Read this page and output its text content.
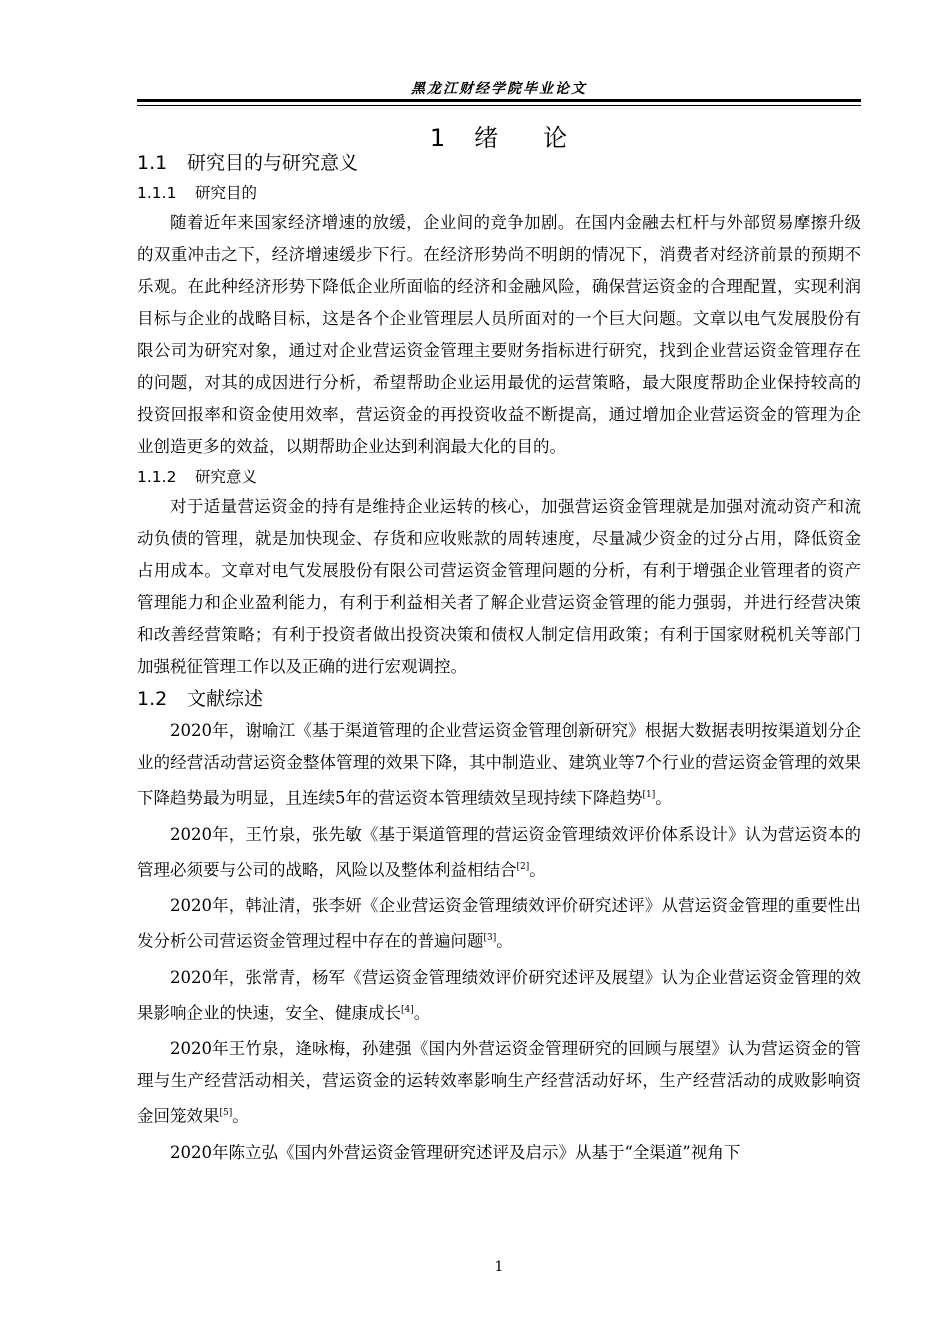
黑龙江财经学院毕业论文
1 绪 论
1.1 研究目的与研究意义
1.1.1 研究目的

随着近年来国家经济增速的放缓，企业间的竞争加剧。在国内金融去杠杆与外部贸易摩擦升级的双重冲击之下，经济增速缓步下行。在经济形势尚不明朗的情况下，消费者对经济前景的预期不乐观。在此种经济形势下降低企业所面临的经济和金融风险，确保营运资金的合理配置，实现利润目标与企业的战略目标，这是各个企业管理层人员所面对的一个巨大问题。文章以电气发展股份有限公司为研究对象，通过对企业营运资金管理主要财务指标进行研究，找到企业营运资金管理存在的问题，对其的成因进行分析，希望帮助企业运用最优的运营策略，最大限度帮助企业保持较高的投资回报率和资金使用效率，营运资金的再投资收益不断提高，通过增加企业营运资金的管理为企业创造更多的效益，以期帮助企业达到利润最大化的目的。

1.1.2 研究意义

对于适量营运资金的持有是维持企业运转的核心，加强营运资金管理就是加强对流动资产和流动负债的管理，就是加快现金、存货和应收账款的周转速度，尽量减少资金的过分占用，降低资金占用成本。文章对电气发展股份有限公司营运资金管理问题的分析，有利于增强企业管理者的资产管理能力和企业盈利能力，有利于利益相关者了解企业营运资金管理的能力强弱，并进行经营决策和改善经营策略；有利于投资者做出投资决策和债权人制定信用政策；有利于国家财税机关等部门加强税征管理工作以及正确的进行宏观调控。

1.2 文献综述

2020年，谢喻江《基于渠道管理的企业营运资金管理创新研究》根据大数据表明按渠道划分企业的经营活动营运资金整体管理的效果下降，其中制造业、建筑业等7个行业的营运资金管理的效果下降趋势最为明显，且连续5年的营运资本管理绩效呈现持续下降趋势[1]。

2020年，王竹泉，张先敏《基于渠道管理的营运资金管理绩效评价体系设计》认为营运资本的管理必须要与公司的战略，风险以及整体利益相结合[2]。

2020年，韩沚清，张李妍《企业营运资金管理绩效评价研究述评》从营运资金管理的重要性出发分析公司营运资金管理过程中存在的普遍问题[3]。

2020年，张常青，杨军《营运资金管理绩效评价研究述评及展望》认为企业营运资金管理的效果影响企业的快速，安全、健康成长[4]。

2020年王竹泉，逄咏梅，孙建强《国内外营运资金管理研究的回顾与展望》认为营运资金的管理与生产经营活动相关，营运资金的运转效率影响生产经营活动好坏，生产经营活动的成败影响资金回笼效果[5]。

2020年陈立弘《国内外营运资金管理研究述评及启示》从基于“全渠道”视角下

1
